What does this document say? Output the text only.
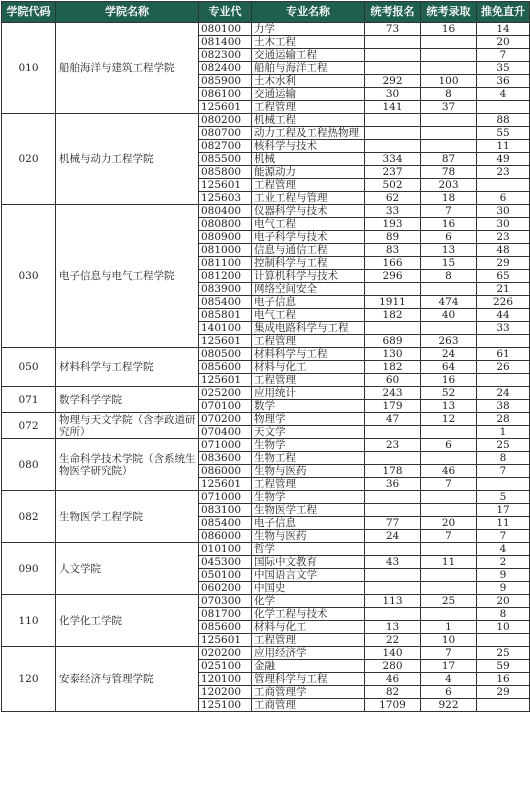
学院代码	学院名称	专业代	专业名称	统考报名	统考录取	推免直升
010	船舶海洋与建筑工程学院	080100	力学	73	16	14
		081400	土木工程			20
		082300	交通运输工程			7
		082400	船舶与海洋工程			35
		085900	土木水利	292	100	36
		086100	交通运输	30	8	4
		125601	工程管理	141	37	
020	机械与动力工程学院	080200	机械工程			88
		080700	动力工程及工程热物理			55
		082700	核科学与技术			11
		085500	机械	334	87	49
		085800	能源动力	237	78	23
		125601	工程管理	502	203	
		125603	工业工程与管理	62	18	6
030	电子信息与电气工程学院	080400	仪器科学与技术	33	7	30
		080800	电气工程	193	16	30
		080900	电子科学与技术	89	6	23
		081000	信息与通信工程	83	13	48
		081100	控制科学与工程	166	15	29
		081200	计算机科学与技术	296	8	65
		083900	网络空间安全			21
		085400	电子信息	1911	474	226
		085801	电气工程	182	40	44
		140100	集成电路科学与工程			33
		125601	工程管理	689	263	
050	材料科学与工程学院	080500	材料科学与工程	130	24	61
		085600	材料与化工	182	64	26
		125601	工程管理	60	16	
071	数学科学学院	025200	应用统计	243	52	24
		070100	数学	179	13	38
072	物理与天文学院（含李政道研究所）	070200	物理学	47	12	28
		070400	天文学			1
080	生命科学技术学院（含系统生物医学研究院）	071000	生物学	23	6	25
		083600	生物工程			8
		086000	生物与医药	178	46	7
		125601	工程管理	36	7	
082	生物医学工程学院	071000	生物学			5
		083100	生物医学工程			17
		085400	电子信息	77	20	11
		086000	生物与医药	24	7	7
090	人文学院	010100	哲学			4
		045300	国际中文教育	43	11	2
		050100	中国语言文学			9
		060200	中国史			9
110	化学化工学院	070300	化学	113	25	20
		081700	化学工程与技术			8
		085600	材料与化工	13	1	10
		125601	工程管理	22	10	
120	安泰经济与管理学院	020200	应用经济学	140	7	25
		025100	金融	280	17	59
		120100	管理科学与工程	46	4	16
		120200	工商管理学	82	6	29
		125100	工商管理	1709	922	
